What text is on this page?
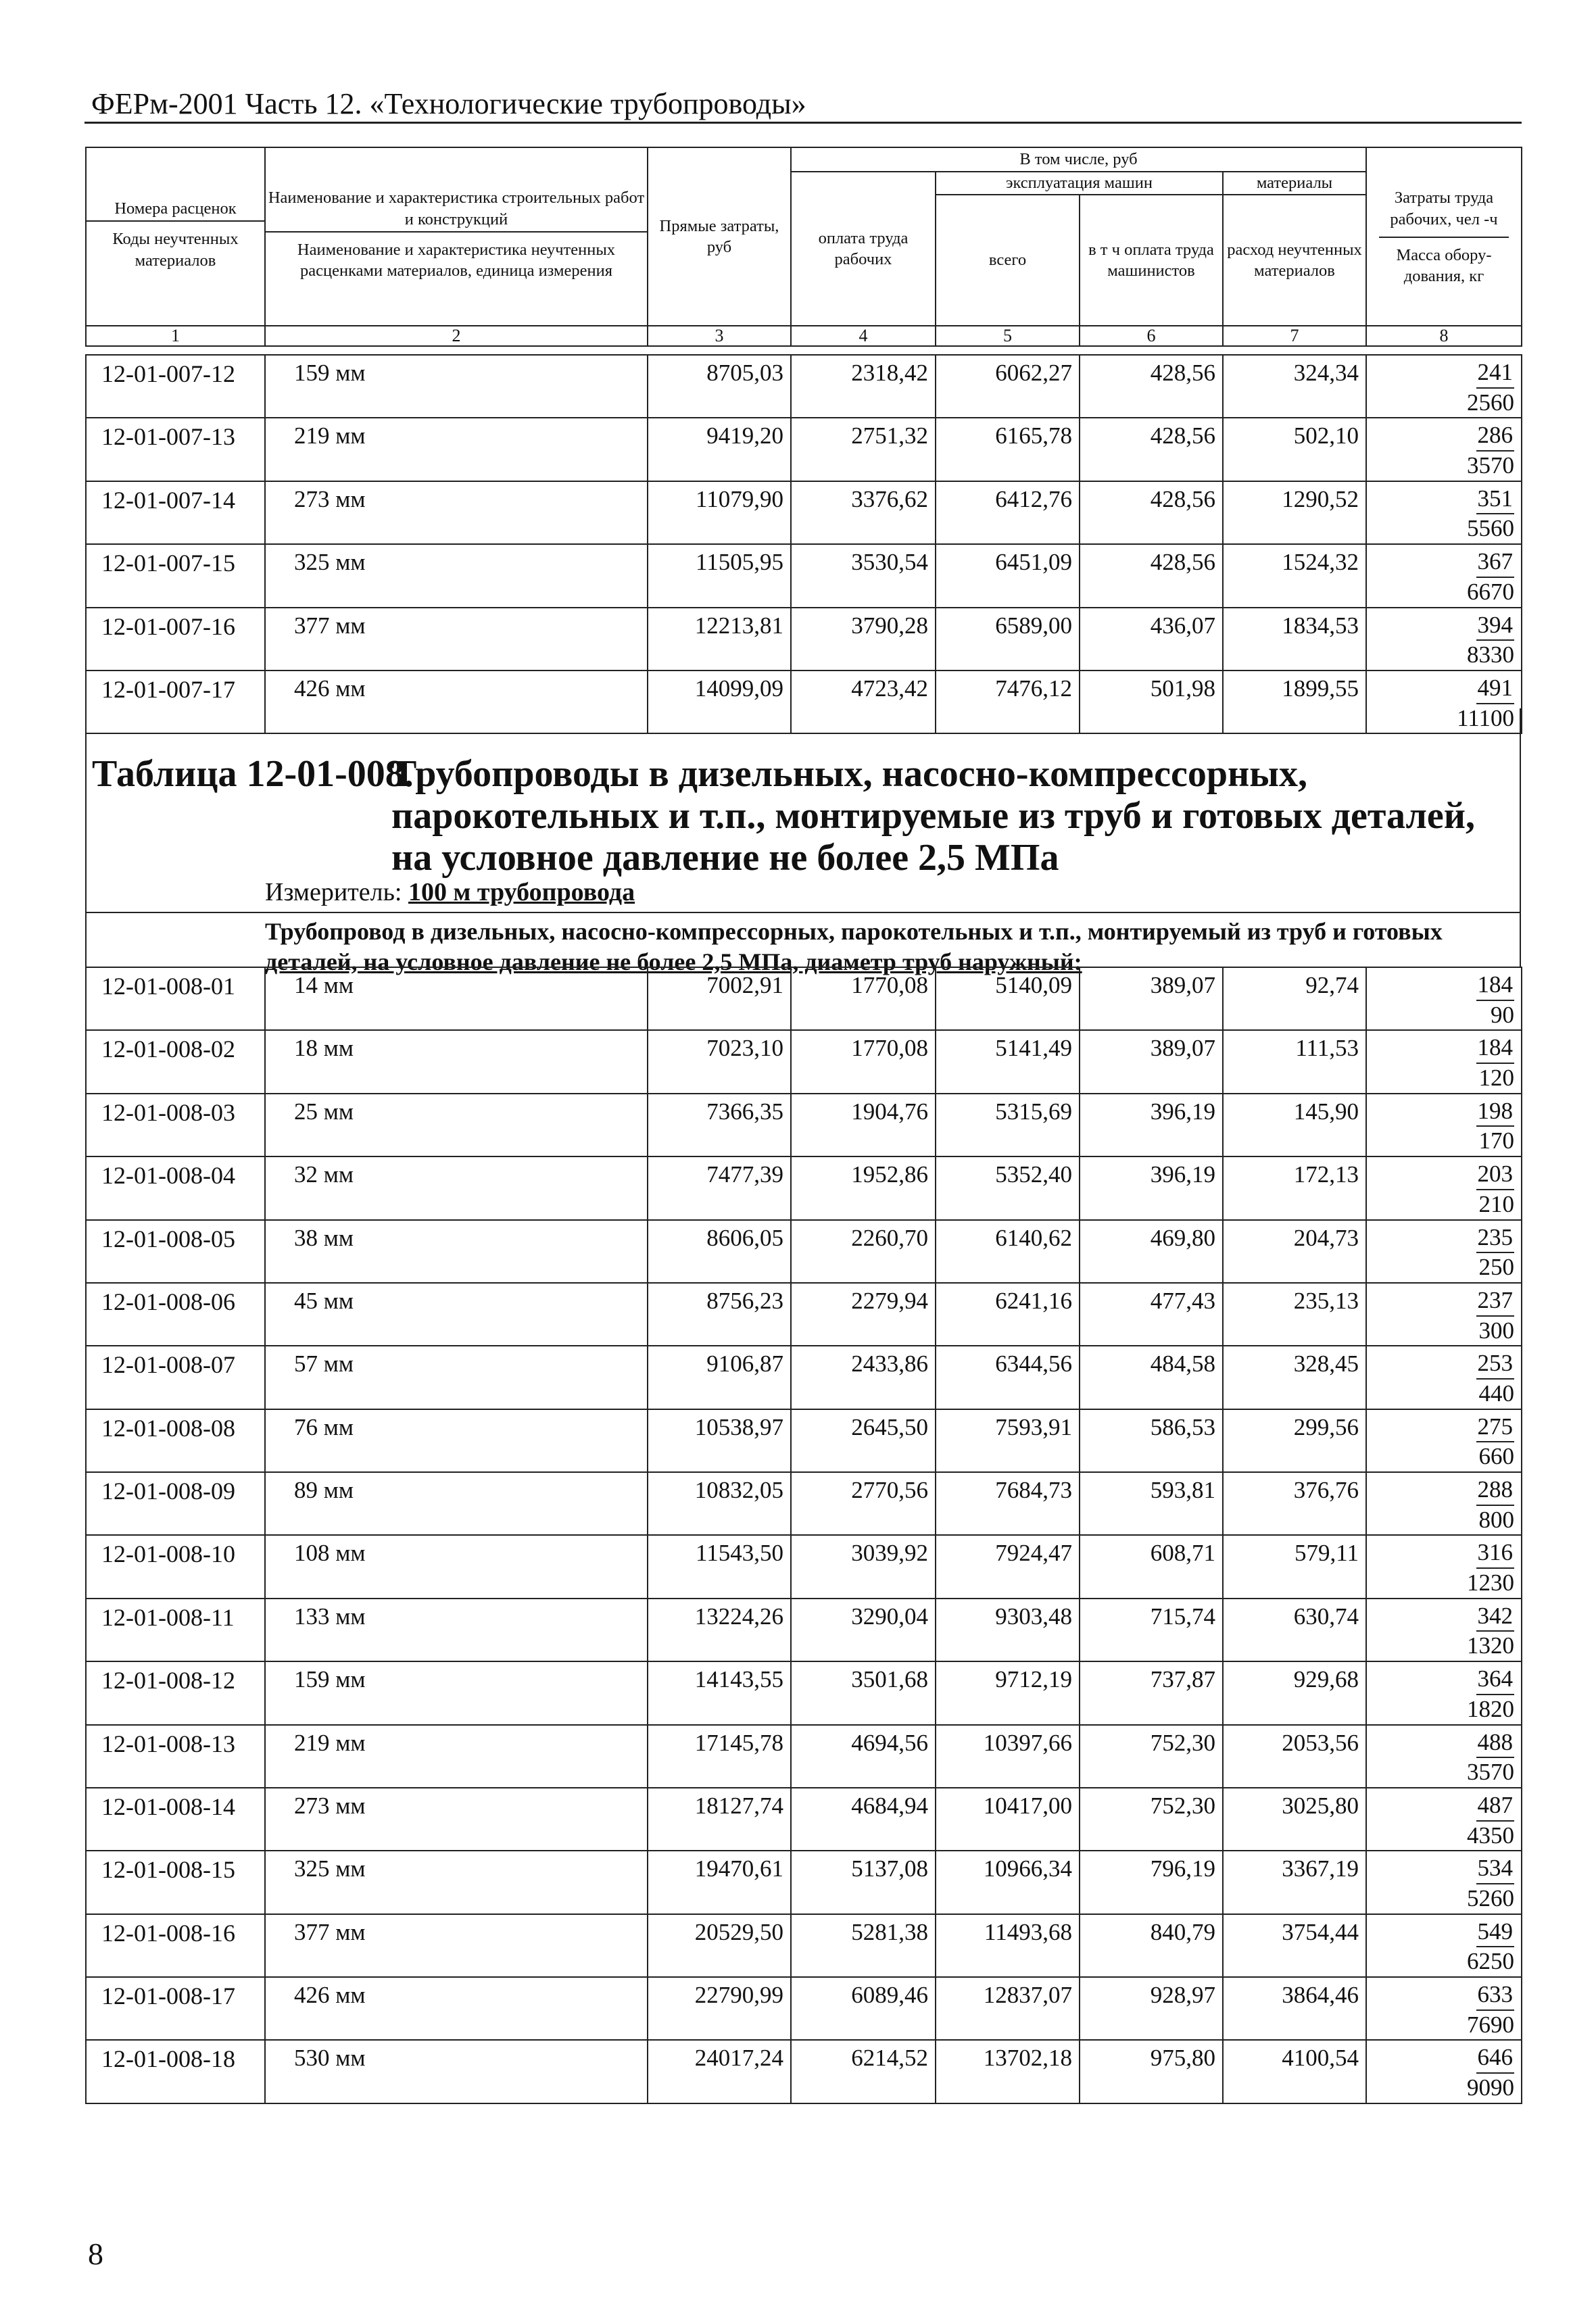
ФЕРм-2001 Часть 12. «Технологические трубопроводы»
Номера расценок
Коды неучтенных материалов	Наименование и характеристика строительных работ и конструкций
Наименование и характеристика неучтенных расценками материалов, единица измерения	Прямые затраты, руб	В том числе, руб				Затраты труда рабочих, чел -ч
Масса обору-дования, кг

			оплата труда рабочих	эксплуатация машин		материалы	
				всего	в т ч оплата труда машинистов	расход неучтенных материалов	
1	2	3	4	5	6	7	8
12-01-007-12	159 мм	8705,03	2318,42	6062,27	428,56	324,34	241
2560
12-01-007-13	219 мм	9419,20	2751,32	6165,78	428,56	502,10	286
3570
12-01-007-14	273 мм	11079,90	3376,62	6412,76	428,56	1290,52	351
5560
12-01-007-15	325 мм	11505,95	3530,54	6451,09	428,56	1524,32	367
6670
12-01-007-16	377 мм	12213,81	3790,28	6589,00	436,07	1834,53	394
8330
12-01-007-17	426 мм	14099,09	4723,42	7476,12	501,98	1899,55	491
11100
Таблица 12-01-008.
Трубопроводы в дизельных, насосно-компрессорных, парокотельных и т.п., монтируемые из труб и готовых деталей, на условное давление не более 2,5 МПа
Измеритель: 100 м трубопровода
Трубопровод в дизельных, насосно-компрессорных, парокотельных и т.п., монтируемый из труб и готовых
деталей, на условное давление не более 2,5 МПа, диаметр труб наружный:
12-01-008-01	14 мм	7002,91	1770,08	5140,09	389,07	92,74	184
90
12-01-008-02	18 мм	7023,10	1770,08	5141,49	389,07	111,53	184
120
12-01-008-03	25 мм	7366,35	1904,76	5315,69	396,19	145,90	198
170
12-01-008-04	32 мм	7477,39	1952,86	5352,40	396,19	172,13	203
210
12-01-008-05	38 мм	8606,05	2260,70	6140,62	469,80	204,73	235
250
12-01-008-06	45 мм	8756,23	2279,94	6241,16	477,43	235,13	237
300
12-01-008-07	57 мм	9106,87	2433,86	6344,56	484,58	328,45	253
440
12-01-008-08	76 мм	10538,97	2645,50	7593,91	586,53	299,56	275
660
12-01-008-09	89 мм	10832,05	2770,56	7684,73	593,81	376,76	288
800
12-01-008-10	108 мм	11543,50	3039,92	7924,47	608,71	579,11	316
1230
12-01-008-11	133 мм	13224,26	3290,04	9303,48	715,74	630,74	342
1320
12-01-008-12	159 мм	14143,55	3501,68	9712,19	737,87	929,68	364
1820
12-01-008-13	219 мм	17145,78	4694,56	10397,66	752,30	2053,56	488
3570
12-01-008-14	273 мм	18127,74	4684,94	10417,00	752,30	3025,80	487
4350
12-01-008-15	325 мм	19470,61	5137,08	10966,34	796,19	3367,19	534
5260
12-01-008-16	377 мм	20529,50	5281,38	11493,68	840,79	3754,44	549
6250
12-01-008-17	426 мм	22790,99	6089,46	12837,07	928,97	3864,46	633
7690
12-01-008-18	530 мм	24017,24	6214,52	13702,18	975,80	4100,54	646
9090
8
